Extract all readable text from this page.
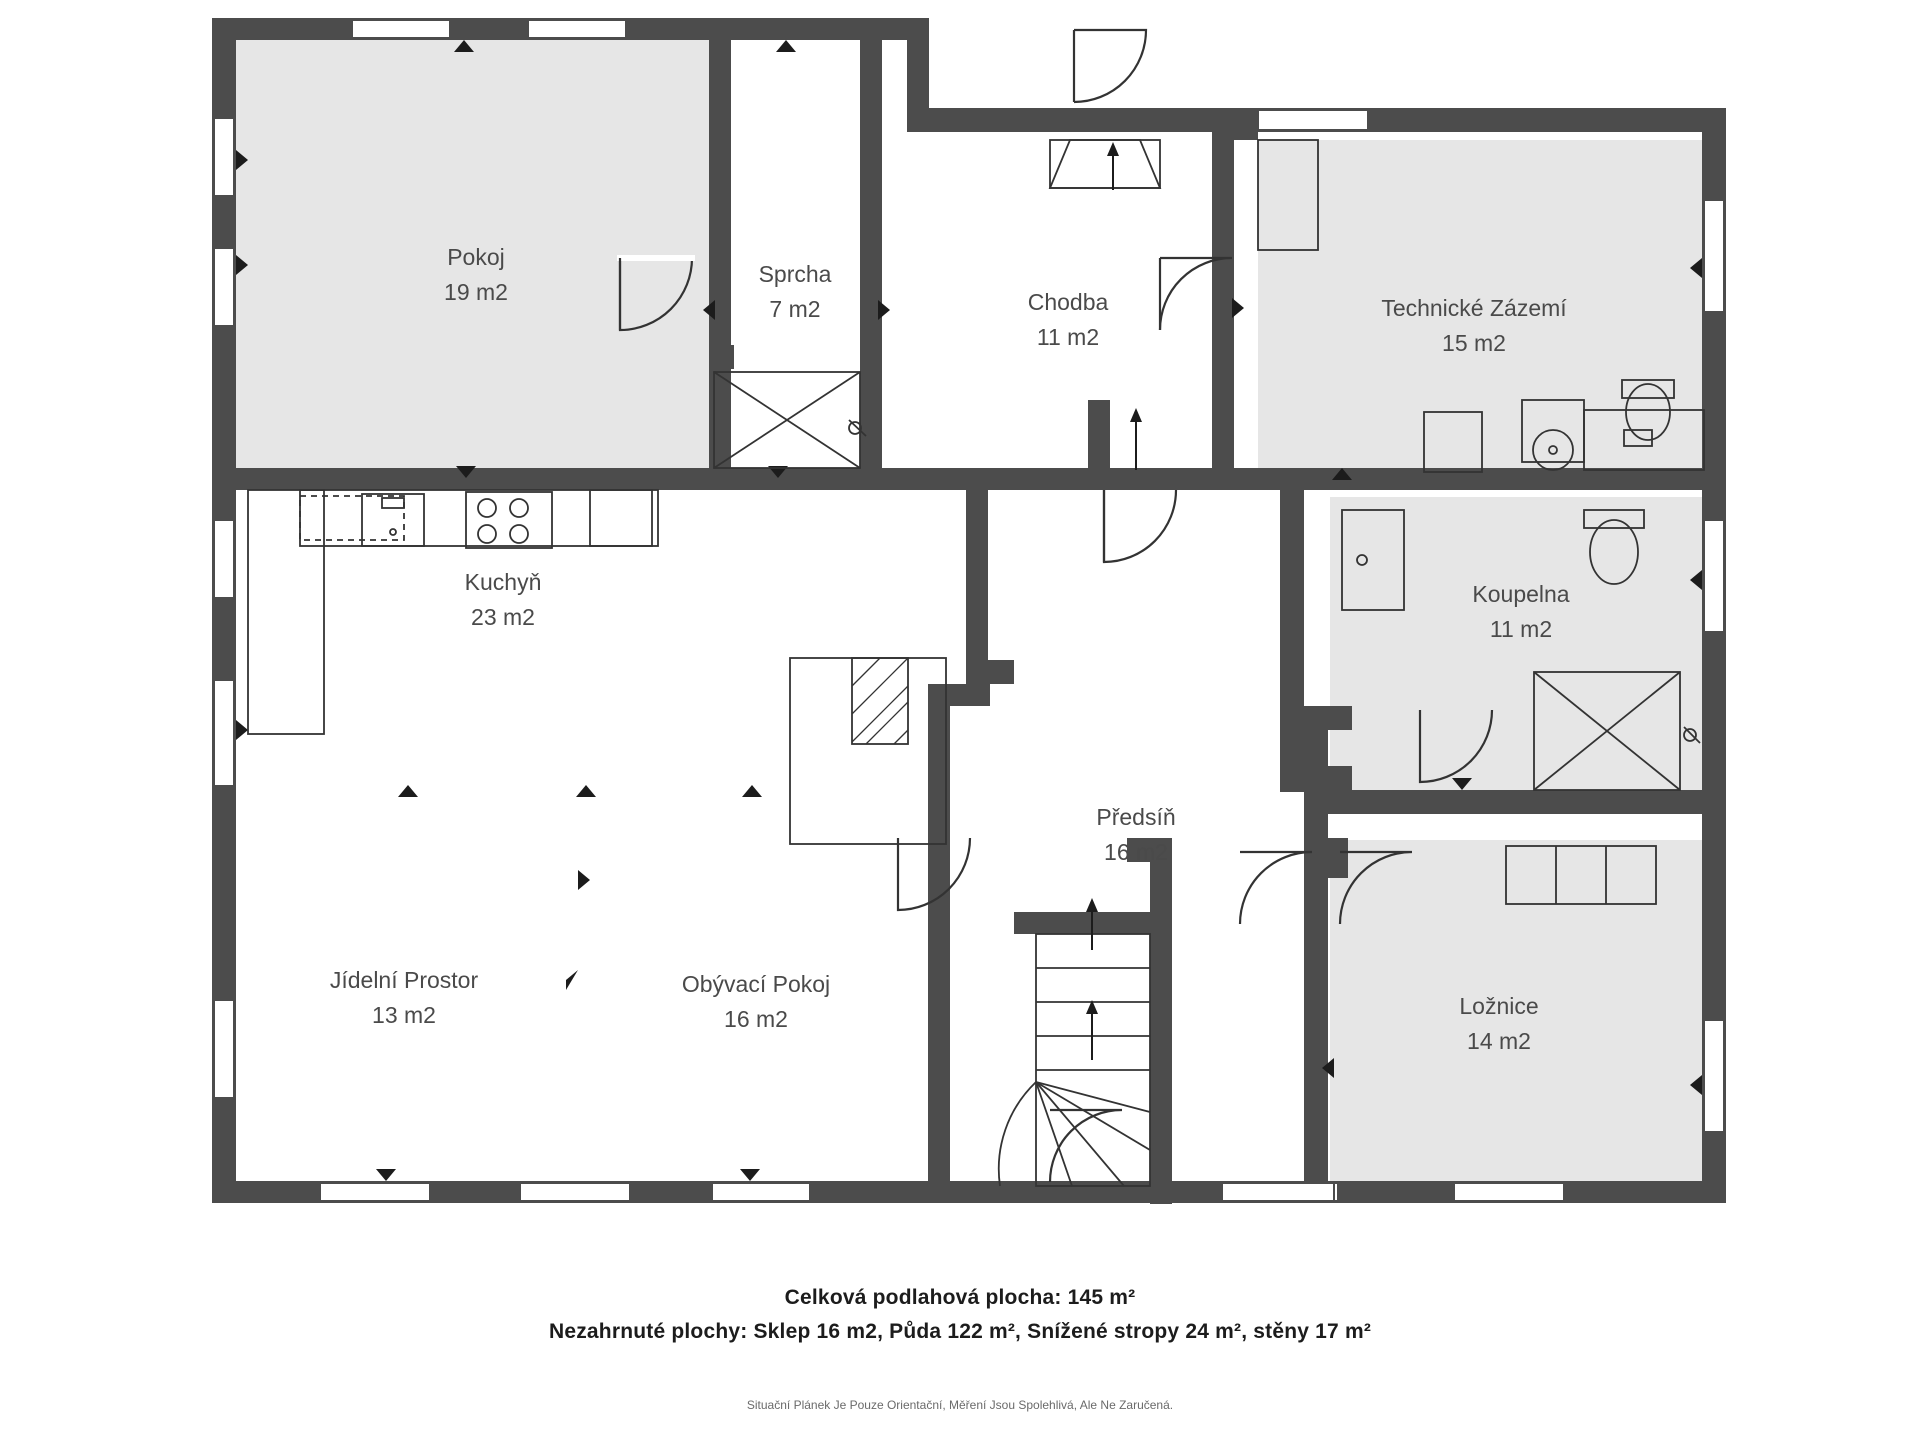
Pokoj
19 m2
Sprcha
7 m2	Chodba
11 m2
Technické Zázemí
15 m2
Kuchyň
23 m2
Koupelna
11 m2
Předsíň
16 m2
Ložnice
14 m2
Jídelní Prostor
13 m2
Obývací Pokoj
16 m2
Celková podlahová plocha: 145 m²
Nezahrnuté plochy: Sklep 16 m2, Půda 122 m², Snížené stropy 24 m², stěny 17 m²
Situační Plánek Je Pouze Orientační, Měření Jsou Spolehlivá, Ale Ne Zaručená.
